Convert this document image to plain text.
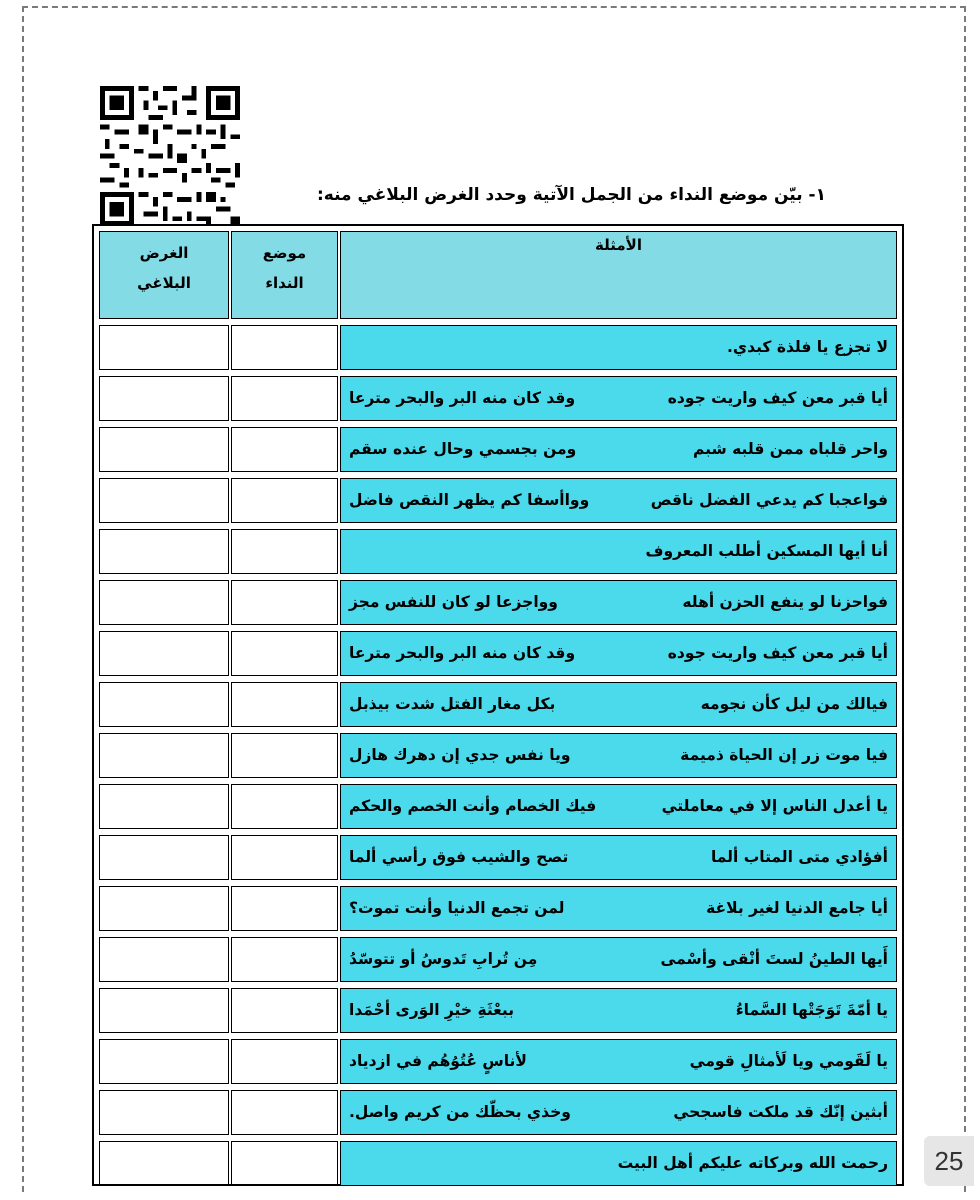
١- بيّن موضع النداء من الجمل الآتية وحدد الغرض البلاغي منه:
الغرض
البلاغي
موضع
النداء
الأمثلة
لا تجزع يا فلذة كبدي.
أيا قبر معن كيف واريت جوده
وقد كان منه البر والبحر مترعا
واحر قلباه ممن قلبه شبم
ومن بجسمي وحال عنده سقم
فواعجبا كم يدعي الفضل ناقص
وواأسفا كم يظهر النقص فاضل
أنا أيها المسكين أطلب المعروف
فواحزنا لو ينفع الحزن أهله
وواجزعا لو كان للنفس مجز
أيا قبر معن كيف واريت جوده
وقد كان منه البر والبحر مترعا
فيالك من ليل كأن نجومه
بكل مغار الفتل شدت بيذبل
فيا موت زر إن الحياة ذميمة
ويا نفس جدي إن دهرك هازل
يا أعدل الناس إلا في معاملتي
فيك الخصام وأنت الخصم والحكم
أفؤادي متى المتاب ألما
تصح والشيب فوق رأسي ألما
أيا جامع الدنيا لغير بلاغة
لمن تجمع الدنيا وأنت تموت؟
أَيها الطينُ لستَ أنْقى وأسْمى
مِن تُرابِ تَدوسُ أو تتوسّدُ
يا أمّةَ تَوَجَتْها السَّماءُ
ببعْثَةِ خيْرِ الوَرى أحْمَدا
يا لَقَومي ويا لَأمثالِ قومي
لأناسٍ عُتُوُهُم في ازدياد
أبثين إنّك قد ملكت فاسجحي
وخذي بحظّك من كريم واصل.
رحمت الله وبركاته عليكم أهل البيت	25
